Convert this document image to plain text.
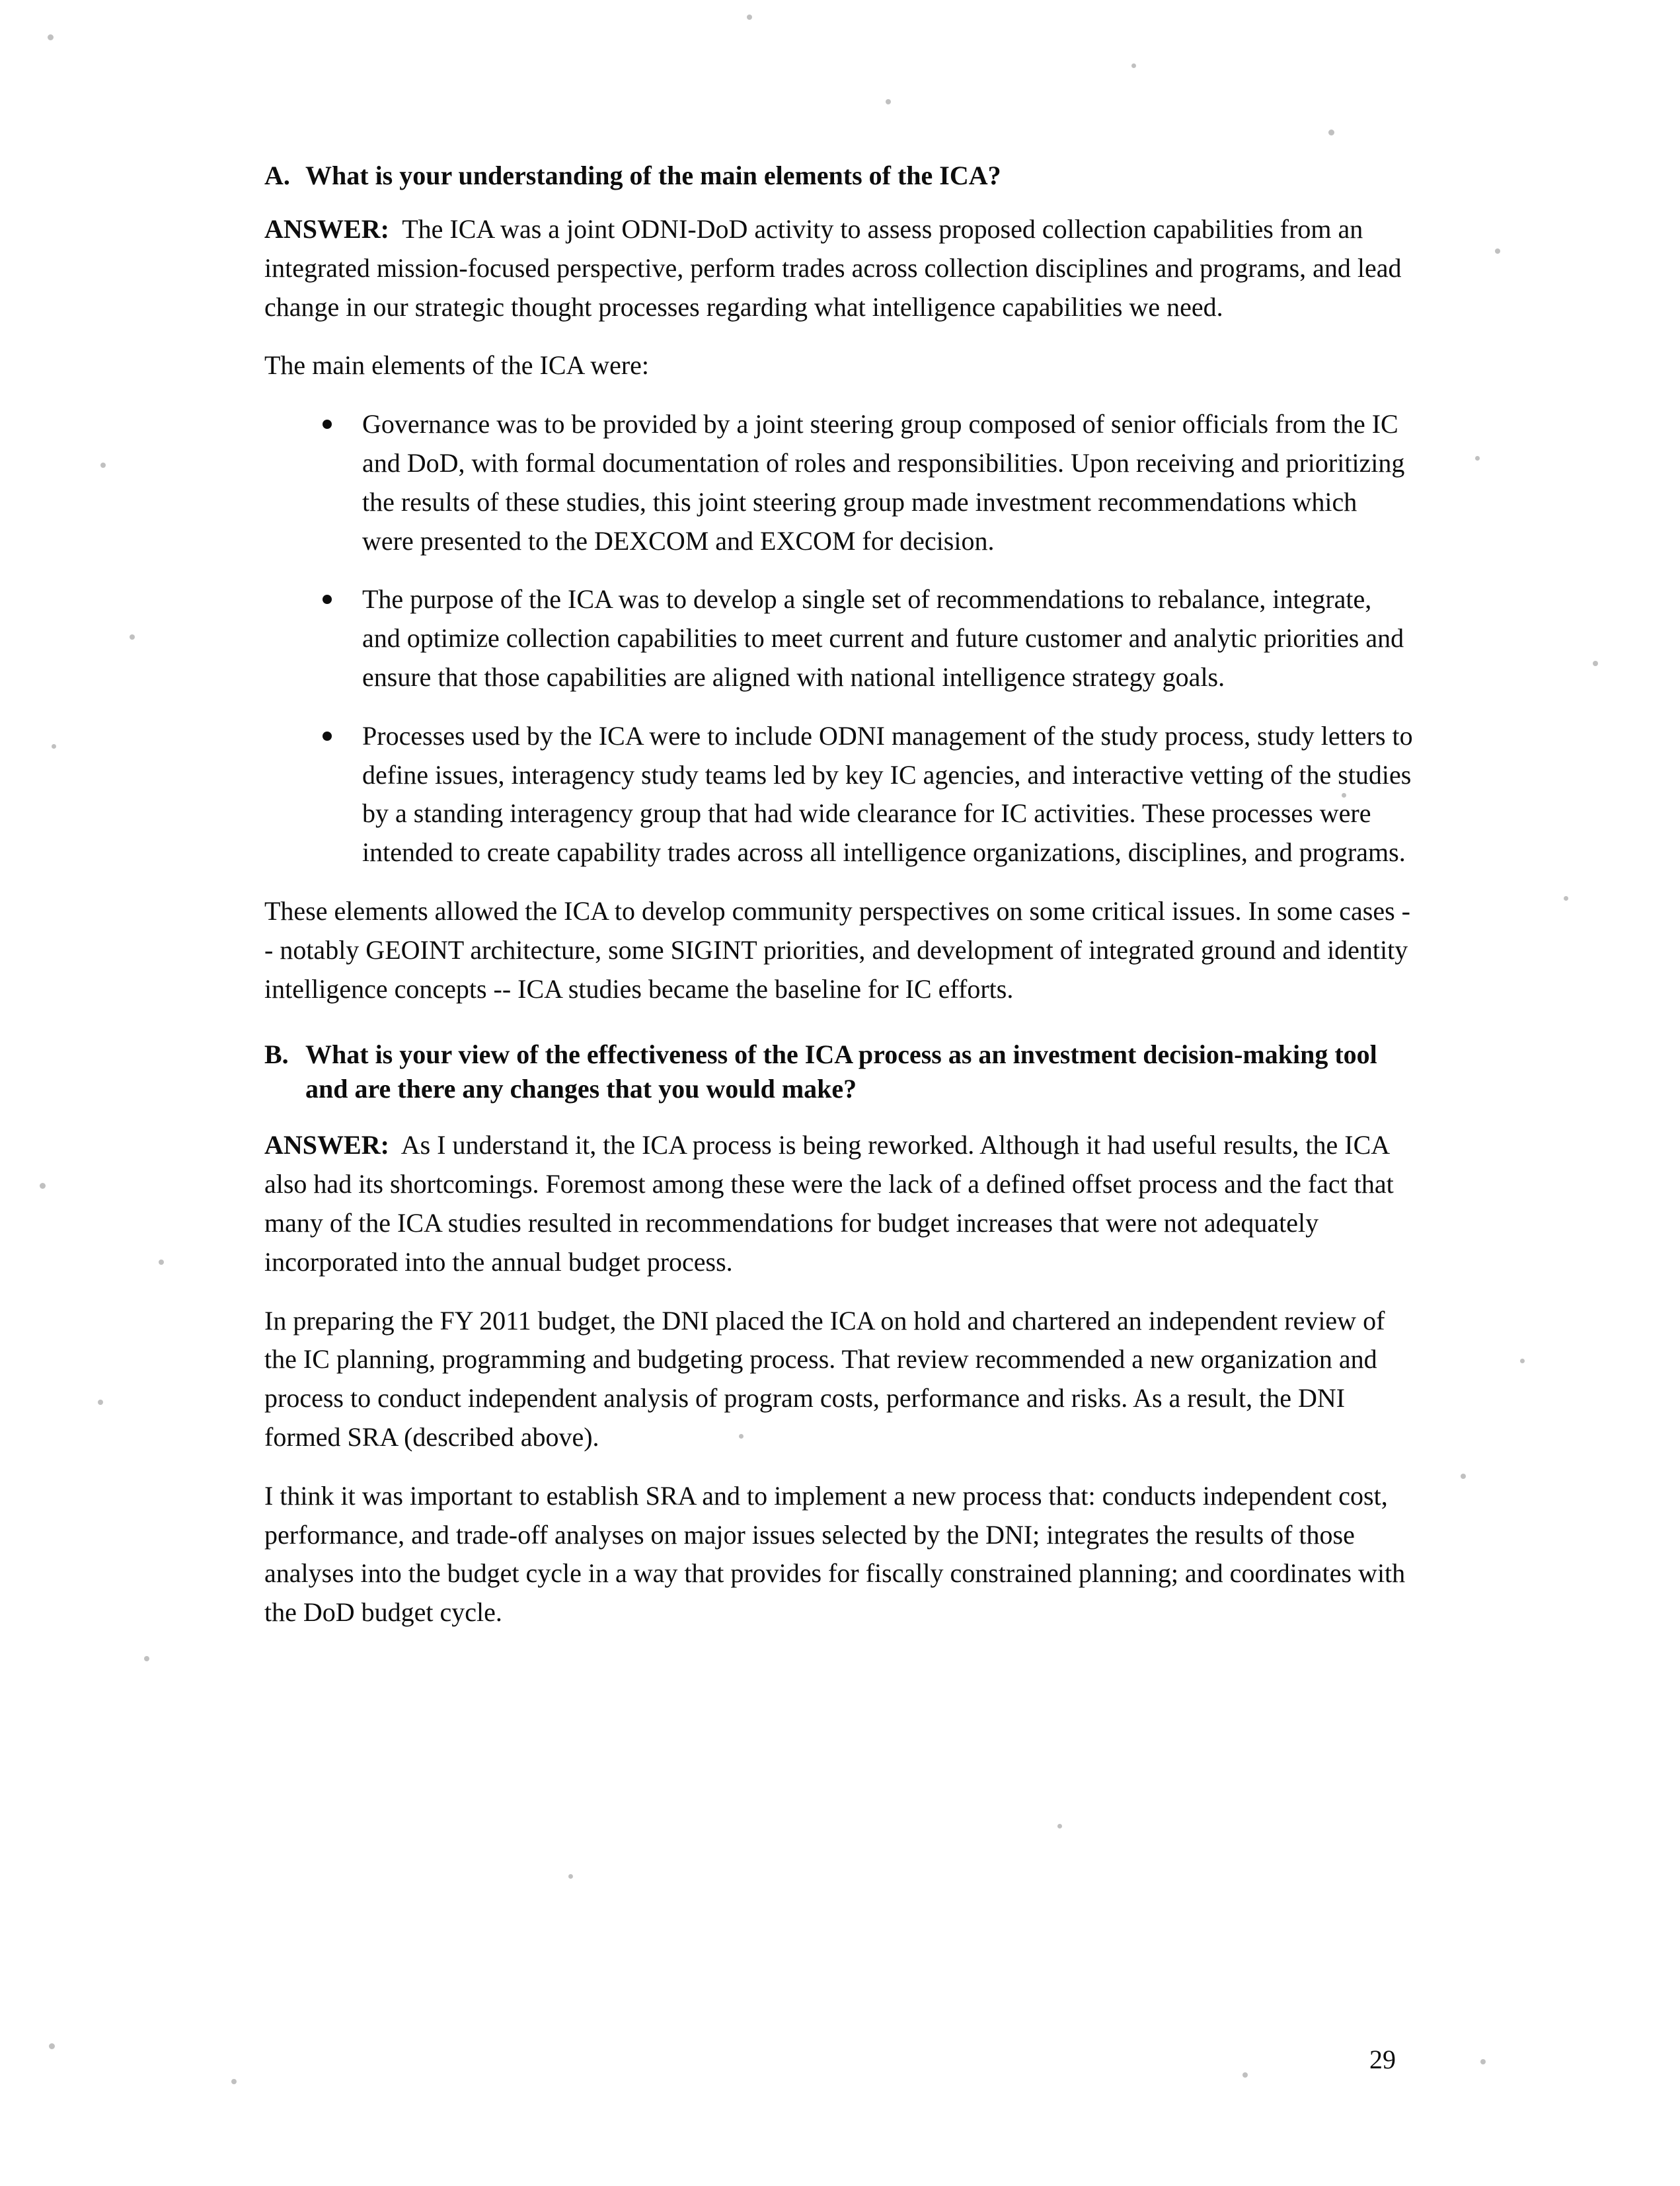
A. What is your understanding of the main elements of the ICA?

ANSWER: The ICA was a joint ODNI-DoD activity to assess proposed collection capabilities from an integrated mission-focused perspective, perform trades across collection disciplines and programs, and lead change in our strategic thought processes regarding what intelligence capabilities we need.

The main elements of the ICA were:

Governance was to be provided by a joint steering group composed of senior officials from the IC and DoD, with formal documentation of roles and responsibilities. Upon receiving and prioritizing the results of these studies, this joint steering group made investment recommendations which were presented to the DEXCOM and EXCOM for decision.
The purpose of the ICA was to develop a single set of recommendations to rebalance, integrate, and optimize collection capabilities to meet current and future customer and analytic priorities and ensure that those capabilities are aligned with national intelligence strategy goals.
Processes used by the ICA were to include ODNI management of the study process, study letters to define issues, interagency study teams led by key IC agencies, and interactive vetting of the studies by a standing interagency group that had wide clearance for IC activities. These processes were intended to create capability trades across all intelligence organizations, disciplines, and programs.

These elements allowed the ICA to develop community perspectives on some critical issues. In some cases -- notably GEOINT architecture, some SIGINT priorities, and development of integrated ground and identity intelligence concepts -- ICA studies became the baseline for IC efforts.

B. What is your view of the effectiveness of the ICA process as an investment decision-making tool and are there any changes that you would make?

ANSWER: As I understand it, the ICA process is being reworked. Although it had useful results, the ICA also had its shortcomings. Foremost among these were the lack of a defined offset process and the fact that many of the ICA studies resulted in recommendations for budget increases that were not adequately incorporated into the annual budget process.

In preparing the FY 2011 budget, the DNI placed the ICA on hold and chartered an independent review of the IC planning, programming and budgeting process. That review recommended a new organization and process to conduct independent analysis of program costs, performance and risks. As a result, the DNI formed SRA (described above).

I think it was important to establish SRA and to implement a new process that: conducts independent cost, performance, and trade-off analyses on major issues selected by the DNI; integrates the results of those analyses into the budget cycle in a way that provides for fiscally constrained planning; and coordinates with the DoD budget cycle.

29
